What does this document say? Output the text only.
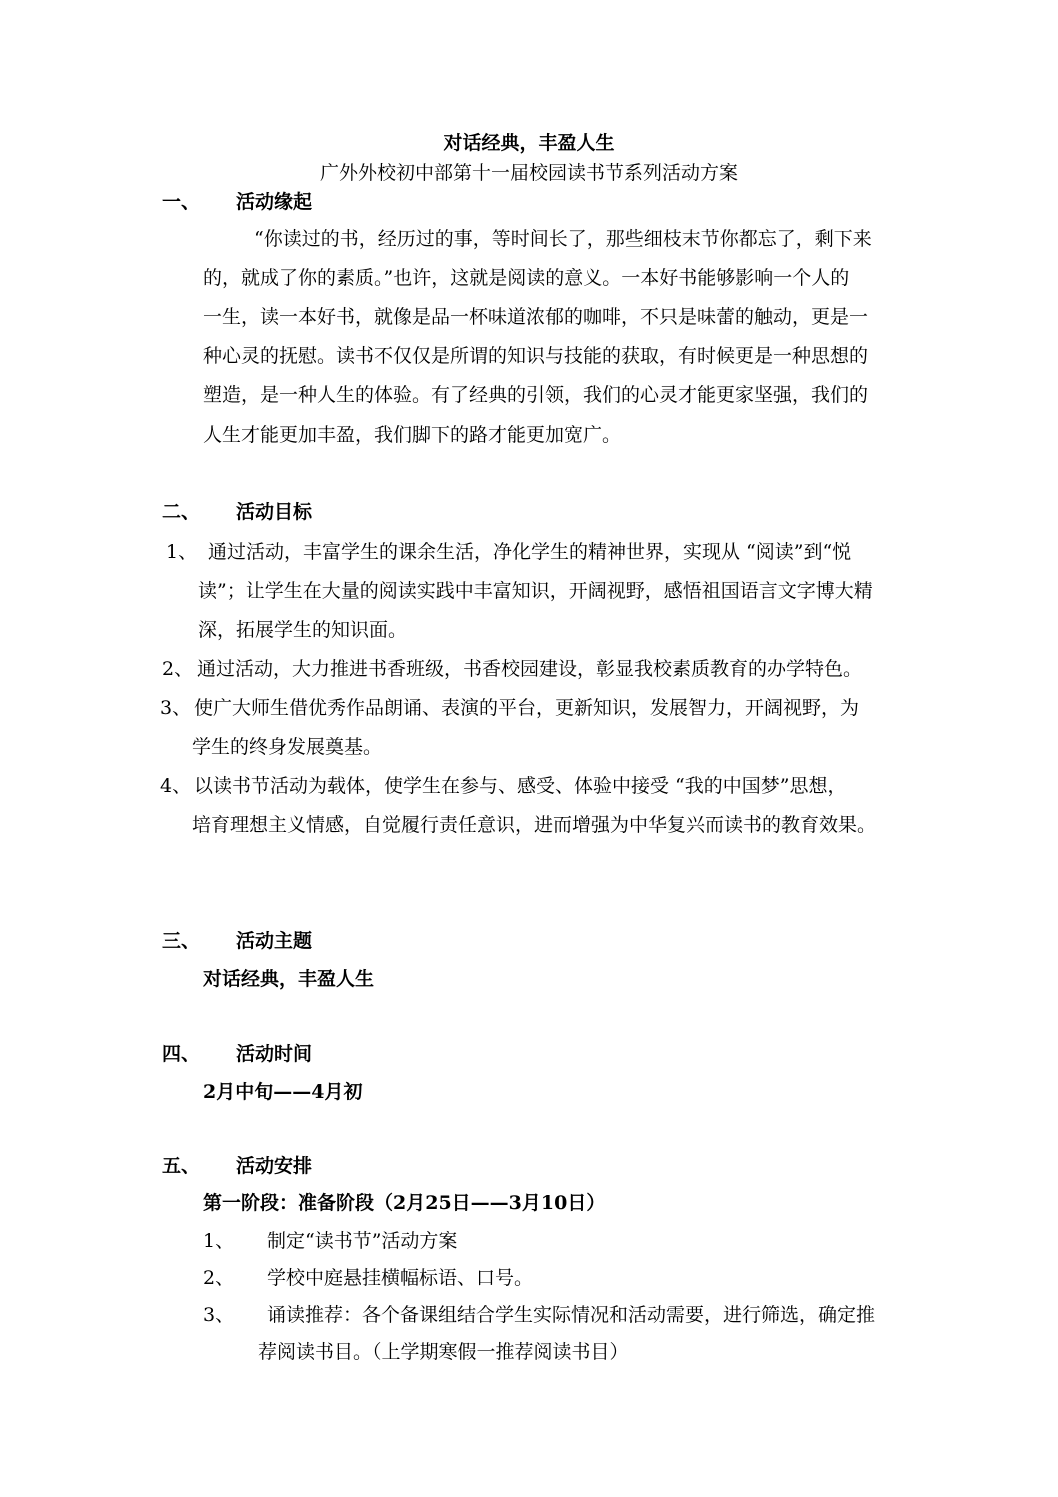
对话经典，丰盈人生
广外外校初中部第十一届校园读书节系列活动方案
一、 活动缘起
“你读过的书，经历过的事，等时间长了，那些细枝末节你都忘了，剩下来
的，就成了你的素质。”也许，这就是阅读的意义。一本好书能够影响一个人的
一生，读一本好书，就像是品一杯味道浓郁的咖啡，不只是味蕾的触动，更是一
种心灵的抚慰。读书不仅仅是所谓的知识与技能的获取，有时候更是一种思想的
塑造，是一种人生的体验。有了经典的引领，我们的心灵才能更家坚强，我们的
人生才能更加丰盈，我们脚下的路才能更加宽广。
二、 活动目标
1、 通过活动，丰富学生的课余生活，净化学生的精神世界，实现从 “阅读”到“悦
读”；让学生在大量的阅读实践中丰富知识，开阔视野，感悟祖国语言文字博大精
深，拓展学生的知识面。
2、 通过活动，大力推进书香班级，书香校园建设，彰显我校素质教育的办学特色。
3、 使广大师生借优秀作品朗诵、表演的平台，更新知识，发展智力，开阔视野，为
学生的终身发展奠基。
4、 以读书节活动为载体，使学生在参与、感受、体验中接受 “我的中国梦”思想，
培育理想主义情感，自觉履行责任意识，进而增强为中华复兴而读书的教育效果。
三、 活动主题
对话经典，丰盈人生
四、 活动时间
2月中旬——4月初
五、 活动安排
第一阶段：准备阶段（2月25日——3月10日）
1、 制定“读书节”活动方案
2、 学校中庭悬挂横幅标语、口号。
3、 诵读推荐：各个备课组结合学生实际情况和活动需要，进行筛选，确定推
荐阅读书目。（上学期寒假一推荐阅读书目）
